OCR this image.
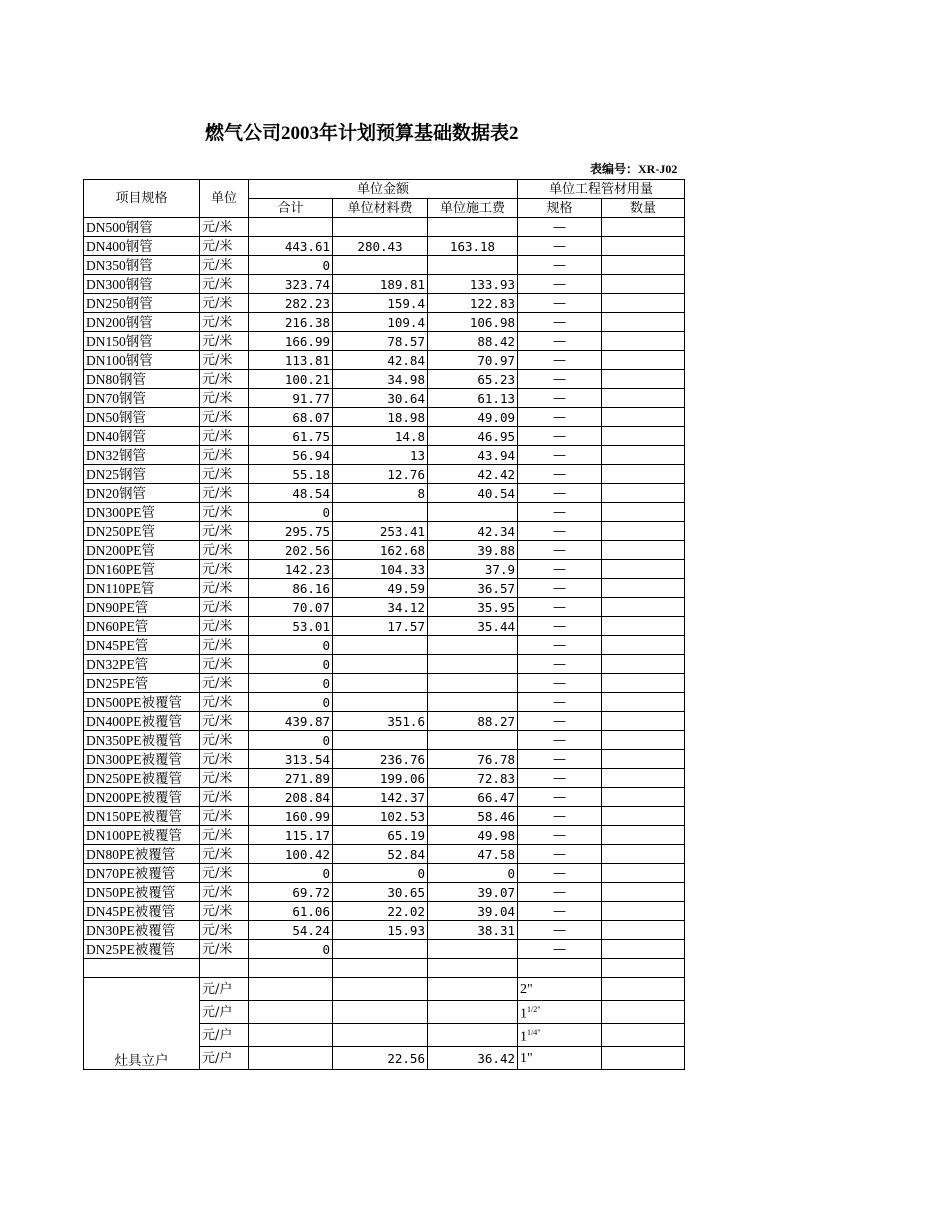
燃气公司2003年计划预算基础数据表2
表编号：XR-J02
项目规格	单位	单位金额			单位工程管材用量	
		合计	单位材料费	单位施工费	规格	数量
DN500钢管	元/米				—	
DN400钢管	元/米	443.61	280.43	163.18	—	
DN350钢管	元/米	0			—	
DN300钢管	元/米	323.74	189.81	133.93	—	
DN250钢管	元/米	282.23	159.4	122.83	—	
DN200钢管	元/米	216.38	109.4	106.98	—	
DN150钢管	元/米	166.99	78.57	88.42	—	
DN100钢管	元/米	113.81	42.84	70.97	—	
DN80钢管	元/米	100.21	34.98	65.23	—	
DN70钢管	元/米	91.77	30.64	61.13	—	
DN50钢管	元/米	68.07	18.98	49.09	—	
DN40钢管	元/米	61.75	14.8	46.95	—	
DN32钢管	元/米	56.94	13	43.94	—	
DN25钢管	元/米	55.18	12.76	42.42	—	
DN20钢管	元/米	48.54	8	40.54	—	
DN300PE管	元/米	0			—	
DN250PE管	元/米	295.75	253.41	42.34	—	
DN200PE管	元/米	202.56	162.68	39.88	—	
DN160PE管	元/米	142.23	104.33	37.9	—	
DN110PE管	元/米	86.16	49.59	36.57	—	
DN90PE管	元/米	70.07	34.12	35.95	—	
DN60PE管	元/米	53.01	17.57	35.44	—	
DN45PE管	元/米	0			—	
DN32PE管	元/米	0			—	
DN25PE管	元/米	0			—	
DN500PE被覆管	元/米	0			—	
DN400PE被覆管	元/米	439.87	351.6	88.27	—	
DN350PE被覆管	元/米	0			—	
DN300PE被覆管	元/米	313.54	236.76	76.78	—	
DN250PE被覆管	元/米	271.89	199.06	72.83	—	
DN200PE被覆管	元/米	208.84	142.37	66.47	—	
DN150PE被覆管	元/米	160.99	102.53	58.46	—	
DN100PE被覆管	元/米	115.17	65.19	49.98	—	
DN80PE被覆管	元/米	100.42	52.84	47.58	—	
DN70PE被覆管	元/米	0	0	0	—	
DN50PE被覆管	元/米	69.72	30.65	39.07	—	
DN45PE被覆管	元/米	61.06	22.02	39.04	—	
DN30PE被覆管	元/米	54.24	15.93	38.31	—	
DN25PE被覆管	元/米	0			—	

灶具立户	元/户				2"	
	元/户				$1^{1/2"}$	
	元/户				$1^{1/4"}$	
	元/户		22.56	36.42	1"	
